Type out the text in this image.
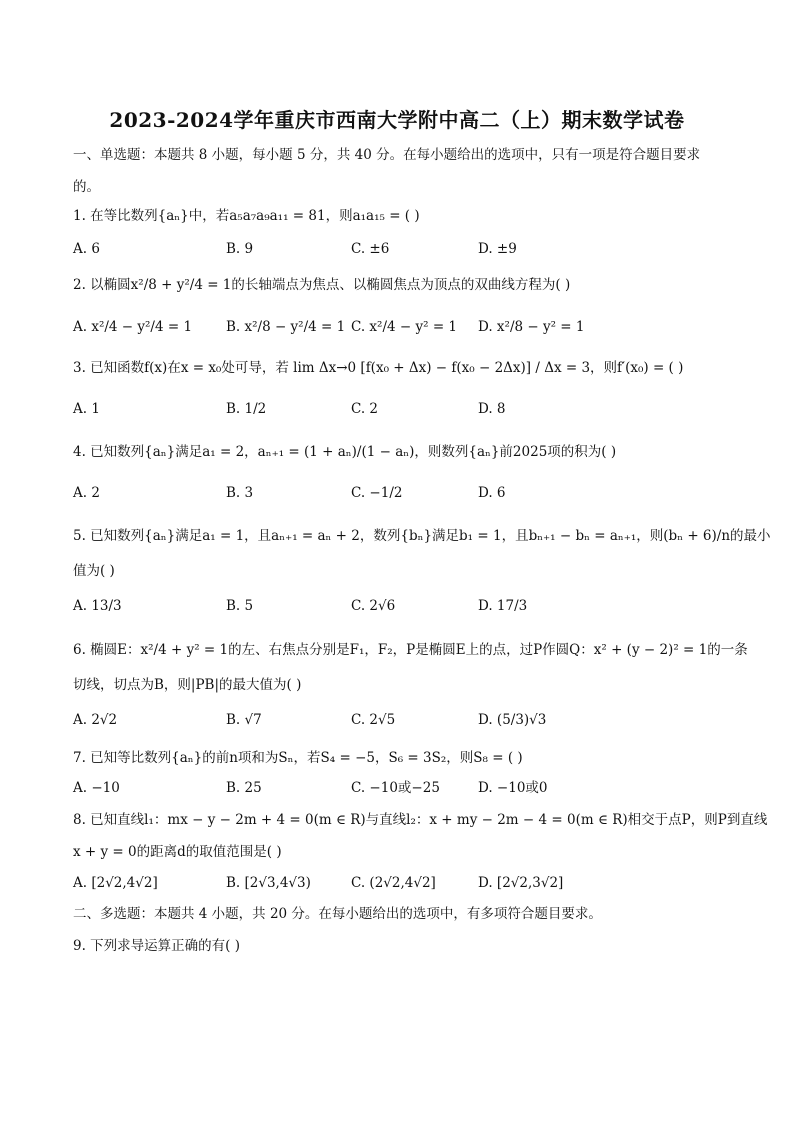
2023-2024学年重庆市西南大学附中高二（上）期末数学试卷
一、单选题：本题共 8 小题，每小题 5 分，共 40 分。在每小题给出的选项中，只有一项是符合题目要求
的。
1. 在等比数列{aₙ}中，若a₅a₇a₉a₁₁ = 81，则a₁a₁₅ = ( )
A. 6	B. 9	C. ±6	D. ±9
2. 以椭圆x²/8 + y²/4 = 1的长轴端点为焦点、以椭圆焦点为顶点的双曲线方程为( )
A. x²/4 − y²/4 = 1	B. x²/8 − y²/4 = 1 C. x²/4 − y² = 1 D. x²/8 − y² = 1
3. 已知函数f(x)在x = x₀处可导，若 lim Δx→0 [f(x₀ + Δx) − f(x₀ − 2Δx)] / Δx = 3，则f′(x₀) = ( )
A. 1	B. 1/2	C. 2	D. 8
4. 已知数列{aₙ}满足a₁ = 2，aₙ₊₁ = (1 + aₙ)/(1 − aₙ)，则数列{aₙ}前2025项的积为( )
A. 2	B. 3	C. −1/2	D. 6
5. 已知数列{aₙ}满足a₁ = 1，且aₙ₊₁ = aₙ + 2，数列{bₙ}满足b₁ = 1，且bₙ₊₁ − bₙ = aₙ₊₁，则(bₙ + 6)/n的最小
值为( )
A. 13/3	B. 5	C. 2√6	D. 17/3
6. 椭圆E：x²/4 + y² = 1的左、右焦点分别是F₁，F₂，P是椭圆E上的点，过P作圆Q：x² + (y − 2)² = 1的一条
切线，切点为B，则|PB|的最大值为( )
A. 2√2	B. √7	C. 2√5	D. (5/3)√3
7. 已知等比数列{aₙ}的前n项和为Sₙ，若S₄ = −5，S₆ = 3S₂，则S₈ = ( )
A. −10	B. 25	C. −10或−25	D. −10或0
8. 已知直线l₁：mx − y − 2m + 4 = 0(m ∈ R)与直线l₂：x + my − 2m − 4 = 0(m ∈ R)相交于点P，则P到直线
x + y = 0的距离d的取值范围是( )
A. [2√2,4√2]	B. [2√3,4√3)	C. (2√2,4√2]	D. [2√2,3√2]
二、多选题：本题共 4 小题，共 20 分。在每小题给出的选项中，有多项符合题目要求。
9. 下列求导运算正确的有( )
